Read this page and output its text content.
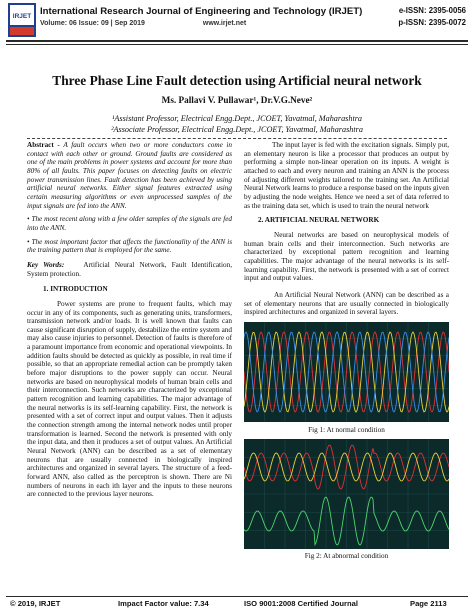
IRJET International Research Journal of Engineering and Technology (IRJET)
Volume: 06 Issue: 09 | Sep 2019	www.irjet.net
e-ISSN: 2395-0056
p-ISSN: 2395-0072
Three Phase Line Fault detection using Artificial neural network
Ms. Pallavi V. Pullawar¹, Dr.V.G.Neve²
¹Assistant Professor, Electrical Engg.Dept., JCOET, Yavatmal, Maharashtra
²Associate Professor, Electrical Engg.Dept., JCOET, Yavatmal, Maharashtra

Abstract - A fault occurs when two or more conductors come in contact with each other or ground. Ground faults are considered as one of the main problems in power systems and account for more than 80% of all faults. This paper focuses on detecting faults on electric power transmission lines. Fault detection has been achieved by using artificial neural networks. Either signal features extracted using certain measuring algorithms or even unprocessed samples of the input signals are fed into the ANN.

• The most recent along with a few older samples of the signals are fed into the ANN.

• The most important factor that affects the functionality of the ANN is the training pattern that is employed for the same.

Key Words:	Artificial Neural Network, Fault Identification, System protection.

1. INTRODUCTION

Power systems are prone to frequent faults, which may occur in any of its components, such as generating units, transformers, transmission network and/or loads. It is well known that faults can cause significant disruption of supply, destabilize the entire system and may also cause injuries to personnel. Detection of faults is therefore of a paramount importance from economic and operational viewpoints. In addition faults should be detected as quickly as possible, in real time if possible, so that an appropriate remedial action can be promptly taken before major disruptions to the power supply can occur. Neural networks are based on neurophysical models of human brain cells and their interconnection. Such networks are characterized by exceptional pattern recognition and learning capabilities. The major advantage of the neural networks is its self-learning capability. First, the network is presented with a set of correct input and output values. Then it adjusts the connection strength among the internal network nodes until proper transformation is learned. Second the network is presented with only the input data, and then it produces a set of output values. An Artificial Neural Network (ANN) can be described as a set of elementary neurons that are usually connected in biologically inspired architectures and organized in several layers. The structure of a feed-forward ANN, also called as the perceptron is shown. There are Ni numbers of neurons in each ith layer and the inputs to these neurons are connected to the previous layer neurons.

The input layer is fed with the excitation signals. Simply put, an elementary neuron is like a processor that produces an output by performing a simple non-linear operation on its inputs. A weight is attached to each and every neuron and training an ANN is the process of adjusting different weights tailored to the training set. An Artificial Neural Network learns to produce a response based on the inputs given by adjusting the node weights. Hence we need a set of data referred to as the training data set, which is used to train the neural network

2. ARTIFICIAL NEURAL NETWORK

Neural networks are based on neurophysical models of human brain cells and their interconnection. Such networks are characterized by exceptional pattern recognition and learning capabilities. The major advantage of the neural networks is its self-learning capability. First, the network is presented with a set of correct input and output values.

An Artificial Neural Network (ANN) can be described as a set of elementary neurons that are usually connected in biologically inspired architectures and organized in several layers.

Fig 1: At normal condition
Fig 2: At abnormal condition
© 2019, IRJET	Impact Factor value: 7.34	ISO 9001:2008 Certified Journal	Page 2113
